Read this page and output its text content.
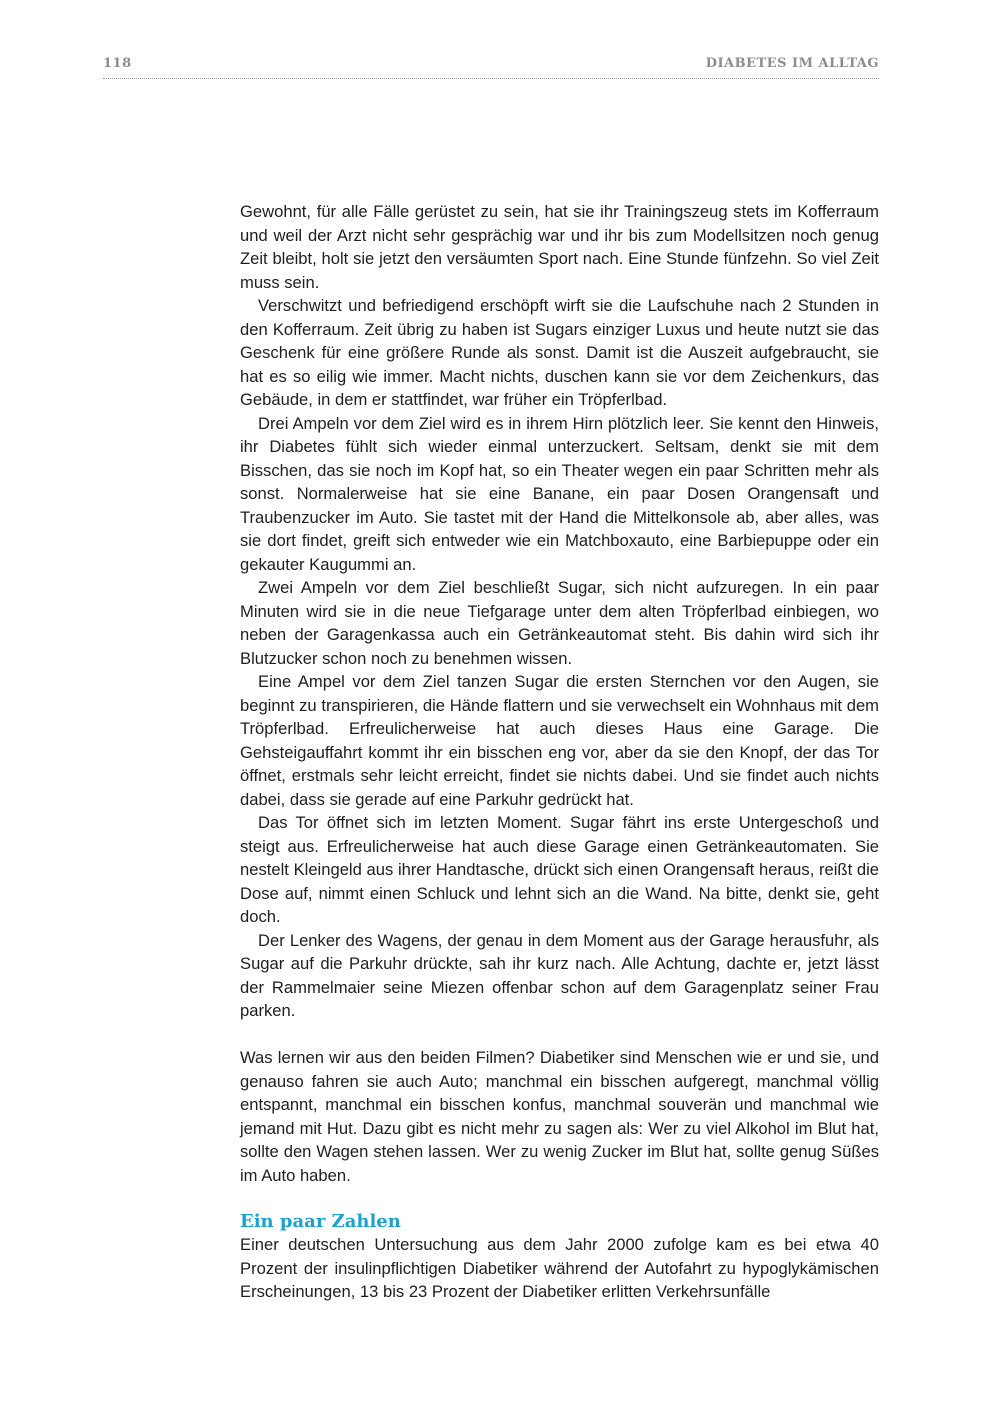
118	DIABETES IM ALLTAG

Gewohnt, für alle Fälle gerüstet zu sein, hat sie ihr Trainingszeug stets im Kofferraum und weil der Arzt nicht sehr gesprächig war und ihr bis zum Modellsitzen noch genug Zeit bleibt, holt sie jetzt den versäumten Sport nach. Eine Stunde fünfzehn. So viel Zeit muss sein.

Verschwitzt und befriedigend erschöpft wirft sie die Laufschuhe nach 2 Stunden in den Kofferraum. Zeit übrig zu haben ist Sugars einziger Luxus und heute nutzt sie das Geschenk für eine größere Runde als sonst. Damit ist die Auszeit aufgebraucht, sie hat es so eilig wie immer. Macht nichts, duschen kann sie vor dem Zeichenkurs, das Gebäude, in dem er stattfindet, war früher ein Tröpferlbad.

Drei Ampeln vor dem Ziel wird es in ihrem Hirn plötzlich leer. Sie kennt den Hinweis, ihr Diabetes fühlt sich wieder einmal unterzuckert. Seltsam, denkt sie mit dem Bisschen, das sie noch im Kopf hat, so ein Theater wegen ein paar Schritten mehr als sonst. Normalerweise hat sie eine Banane, ein paar Dosen Orangensaft und Traubenzucker im Auto. Sie tastet mit der Hand die Mittelkonsole ab, aber alles, was sie dort findet, greift sich entweder wie ein Matchboxauto, eine Barbiepuppe oder ein gekauter Kaugummi an.

Zwei Ampeln vor dem Ziel beschließt Sugar, sich nicht aufzuregen. In ein paar Minuten wird sie in die neue Tiefgarage unter dem alten Tröpferlbad einbiegen, wo neben der Garagenkassa auch ein Getränkeautomat steht. Bis dahin wird sich ihr Blutzucker schon noch zu benehmen wissen.

Eine Ampel vor dem Ziel tanzen Sugar die ersten Sternchen vor den Augen, sie beginnt zu transpirieren, die Hände flattern und sie verwechselt ein Wohnhaus mit dem Tröpferlbad. Erfreulicherweise hat auch dieses Haus eine Garage. Die Gehsteigauffahrt kommt ihr ein bisschen eng vor, aber da sie den Knopf, der das Tor öffnet, erstmals sehr leicht erreicht, findet sie nichts dabei. Und sie findet auch nichts dabei, dass sie gerade auf eine Parkuhr gedrückt hat.

Das Tor öffnet sich im letzten Moment. Sugar fährt ins erste Untergeschoß und steigt aus. Erfreulicherweise hat auch diese Garage einen Getränkeautomaten. Sie nestelt Kleingeld aus ihrer Handtasche, drückt sich einen Orangensaft heraus, reißt die Dose auf, nimmt einen Schluck und lehnt sich an die Wand. Na bitte, denkt sie, geht doch.

Der Lenker des Wagens, der genau in dem Moment aus der Garage herausfuhr, als Sugar auf die Parkuhr drückte, sah ihr kurz nach. Alle Achtung, dachte er, jetzt lässt der Rammelmaier seine Miezen offenbar schon auf dem Garagenplatz seiner Frau parken.

Was lernen wir aus den beiden Filmen? Diabetiker sind Menschen wie er und sie, und genauso fahren sie auch Auto; manchmal ein bisschen aufgeregt, manchmal völlig entspannt, manchmal ein bisschen konfus, manchmal souverän und manchmal wie jemand mit Hut. Dazu gibt es nicht mehr zu sagen als: Wer zu viel Alkohol im Blut hat, sollte den Wagen stehen lassen. Wer zu wenig Zucker im Blut hat, sollte genug Süßes im Auto haben.

Ein paar Zahlen

Einer deutschen Untersuchung aus dem Jahr 2000 zufolge kam es bei etwa 40 Prozent der insulinpflichtigen Diabetiker während der Autofahrt zu hypoglykämischen Erscheinungen, 13 bis 23 Prozent der Diabetiker erlitten Verkehrsunfälle
